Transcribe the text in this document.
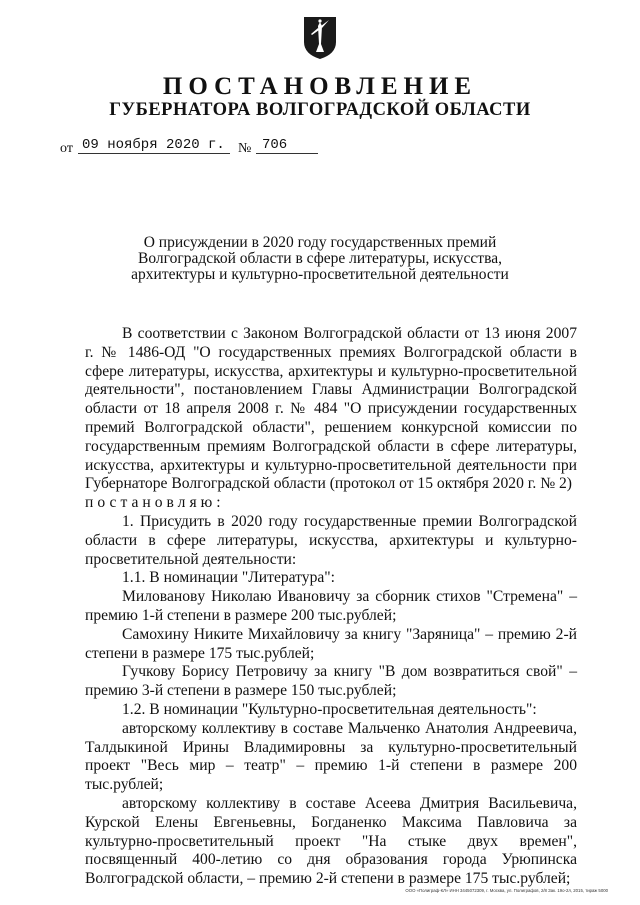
ПОСТАНОВЛЕНИЕ
ГУБЕРНАТОРА ВОЛГОГРАДСКОЙ ОБЛАСТИ
от 09 ноября 2020 г. № 706
О присуждении в 2020 году государственных премий Волгоградской области в сфере литературы, искусства, архитектуры и культурно-просветительной деятельности

В соответствии с Законом Волгоградской области от 13 июня 2007 г. № 1486-ОД "О государственных премиях Волгоградской области в сфере литературы, искусства, архитектуры и культурно-просветительной деятельности", постановлением Главы Администрации Волгоградской области от 18 апреля 2008 г. № 484 "О присуждении государственных премий Волгоградской области", решением конкурсной комиссии по государственным премиям Волгоградской области в сфере литературы, искусства, архитектуры и культурно-просветительной деятельности при Губернаторе Волгоградской области (протокол от 15 октября 2020 г. № 2)

постановляю:

1. Присудить в 2020 году государственные премии Волгоградской области в сфере литературы, искусства, архитектуры и культурно-просветительной деятельности:

1.1. В номинации "Литература":

Миловановy Николаю Ивановичу за сборник стихов "Стремена" – премию 1-й степени в размере 200 тыс.рублей;

Самохину Никите Михайловичу за книгу "Заряница" – премию 2-й степени в размере 175 тыс.рублей;

Гучкову Борису Петровичу за книгу "В дом возвратиться свой" – премию 3-й степени в размере 150 тыс.рублей;

1.2. В номинации "Культурно-просветительная деятельность":

авторскому коллективу в составе Мальченко Анатолия Андреевича, Талдыкиной Ирины Владимировны за культурно-просветительный проект "Весь мир – театр" – премию 1-й степени в размере 200 тыс.рублей;

авторскому коллективу в составе Асеева Дмитрия Васильевича, Курской Елены Евгеньевны, Богданенко Максима Павловича за культурно-просветительный проект "На стыке двух времен", посвященный 400-летию со дня образования города Урюпинска Волгоградской области, – премию 2-й степени в размере 175 тыс.рублей;

ООО «Полиграф-КЛ» ИНН 3445072309, г. Москва, ул. Полиграфов, 2/8 Зак. 19о-2л, 2015, тираж 5000
